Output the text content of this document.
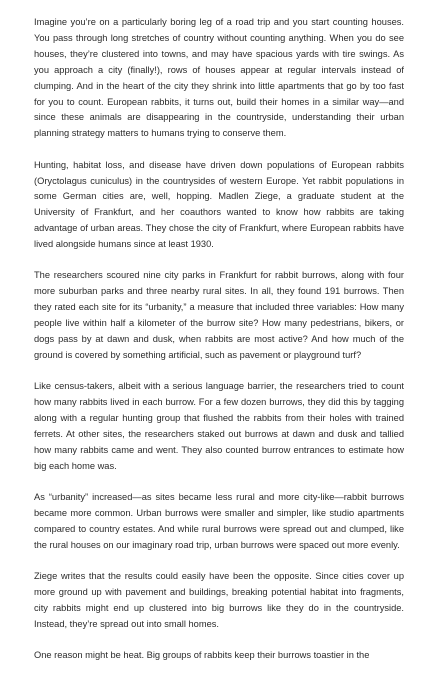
Imagine you’re on a particularly boring leg of a road trip and you start counting houses. You pass through long stretches of country without counting anything. When you do see houses, they’re clustered into towns, and may have spacious yards with tire swings. As you approach a city (finally!), rows of houses appear at regular intervals instead of clumping. And in the heart of the city they shrink into little apartments that go by too fast for you to count. European rabbits, it turns out, build their homes in a similar way—and since these animals are disappearing in the countryside, understanding their urban planning strategy matters to humans trying to conserve them.

Hunting, habitat loss, and disease have driven down populations of European rabbits (Oryctolagus cuniculus) in the countrysides of western Europe. Yet rabbit populations in some German cities are, well, hopping. Madlen Ziege, a graduate student at the University of Frankfurt, and her coauthors wanted to know how rabbits are taking advantage of urban areas. They chose the city of Frankfurt, where European rabbits have lived alongside humans since at least 1930.

The researchers scoured nine city parks in Frankfurt for rabbit burrows, along with four more suburban parks and three nearby rural sites. In all, they found 191 burrows. Then they rated each site for its “urbanity,” a measure that included three variables: How many people live within half a kilometer of the burrow site? How many pedestrians, bikers, or dogs pass by at dawn and dusk, when rabbits are most active? And how much of the ground is covered by something artificial, such as pavement or playground turf?

Like census-takers, albeit with a serious language barrier, the researchers tried to count how many rabbits lived in each burrow. For a few dozen burrows, they did this by tagging along with a regular hunting group that flushed the rabbits from their holes with trained ferrets. At other sites, the researchers staked out burrows at dawn and dusk and tallied how many rabbits came and went. They also counted burrow entrances to estimate how big each home was.

As “urbanity” increased—as sites became less rural and more city-like—rabbit burrows became more common. Urban burrows were smaller and simpler, like studio apartments compared to country estates. And while rural burrows were spread out and clumped, like the rural houses on our imaginary road trip, urban burrows were spaced out more evenly.

Ziege writes that the results could easily have been the opposite. Since cities cover up more ground up with pavement and buildings, breaking potential habitat into fragments, city rabbits might end up clustered into big burrows like they do in the countryside. Instead, they’re spread out into small homes.

One reason might be heat. Big groups of rabbits keep their burrows toastier in the
